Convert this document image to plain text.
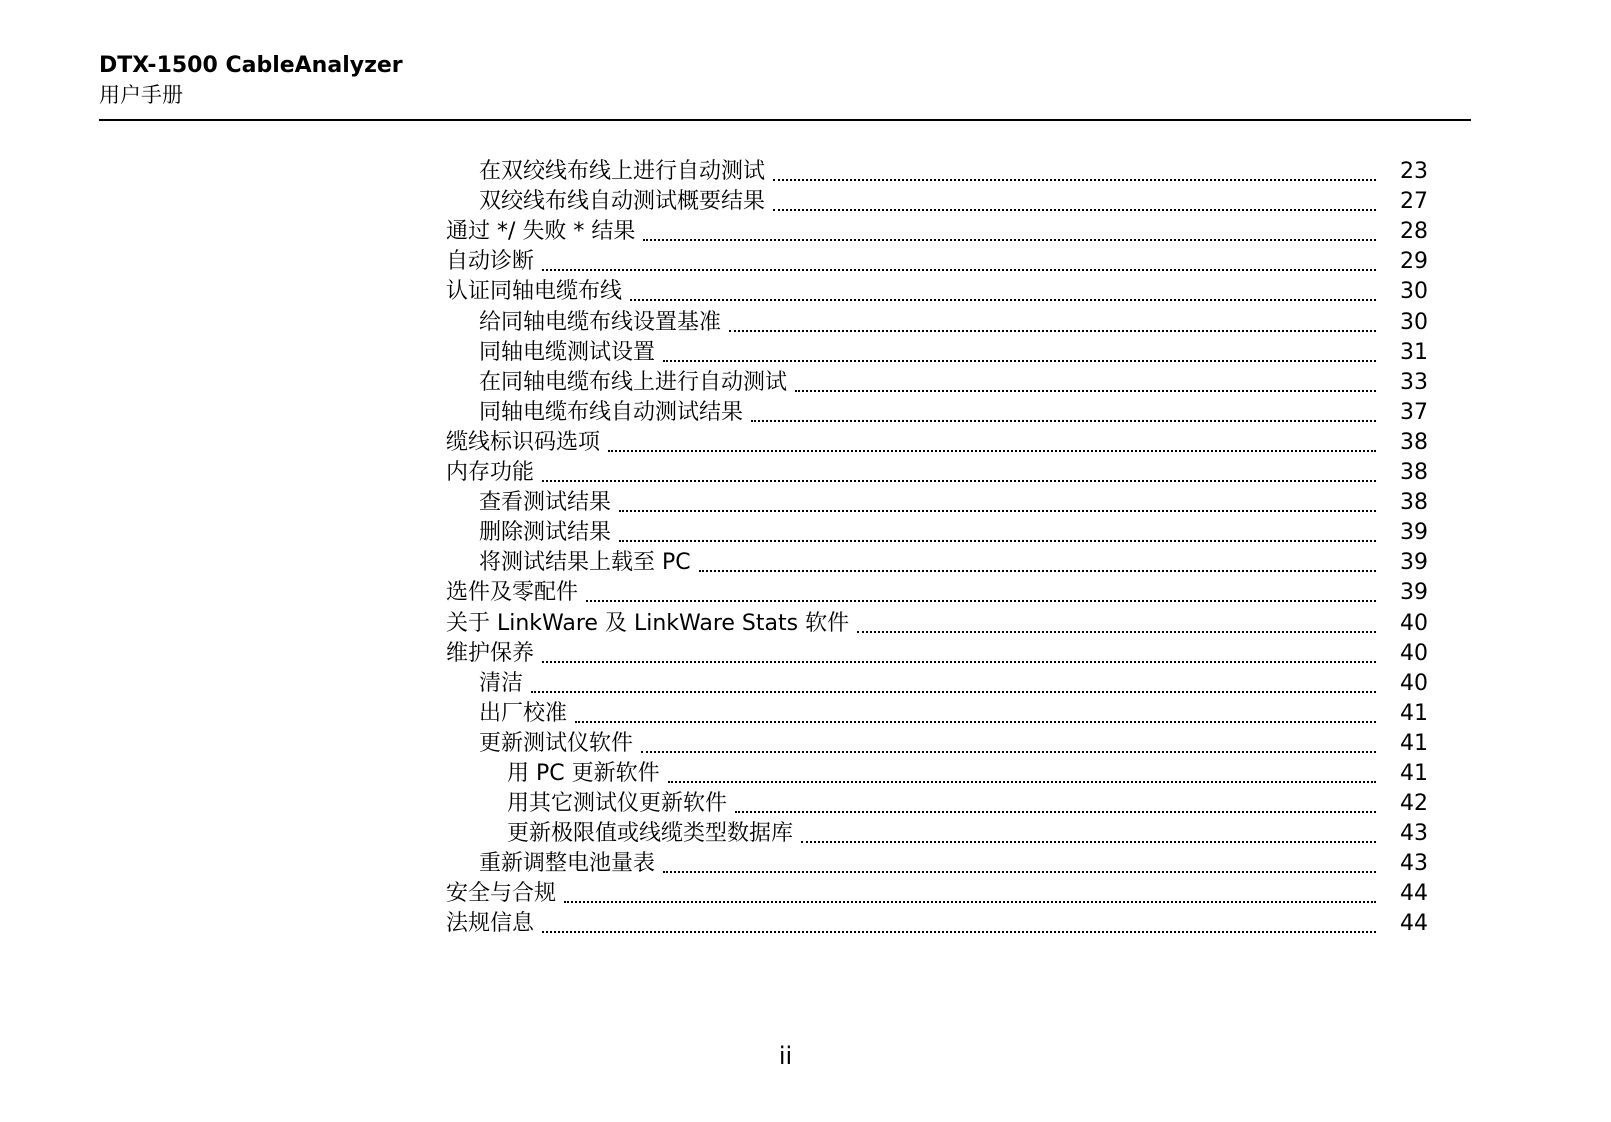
DTX-1500 CableAnalyzer
用户手册
在双绞线布线上进行自动测试	23
双绞线布线自动测试概要结果	27
通过 */ 失败 * 结果	28
自动诊断	29
认证同轴电缆布线	30
给同轴电缆布线设置基准	30
同轴电缆测试设置	31
在同轴电缆布线上进行自动测试	33
同轴电缆布线自动测试结果	37
缆线标识码选项	38
内存功能	38
查看测试结果	38
删除测试结果	39
将测试结果上载至 PC	39
选件及零配件	39
关于 LinkWare 及 LinkWare Stats 软件	40
维护保养	40
清洁	40
出厂校准	41
更新测试仪软件	41
用 PC 更新软件	41
用其它测试仪更新软件	42
更新极限值或线缆类型数据库	43
重新调整电池量表	43
安全与合规	44
法规信息	44
ii
